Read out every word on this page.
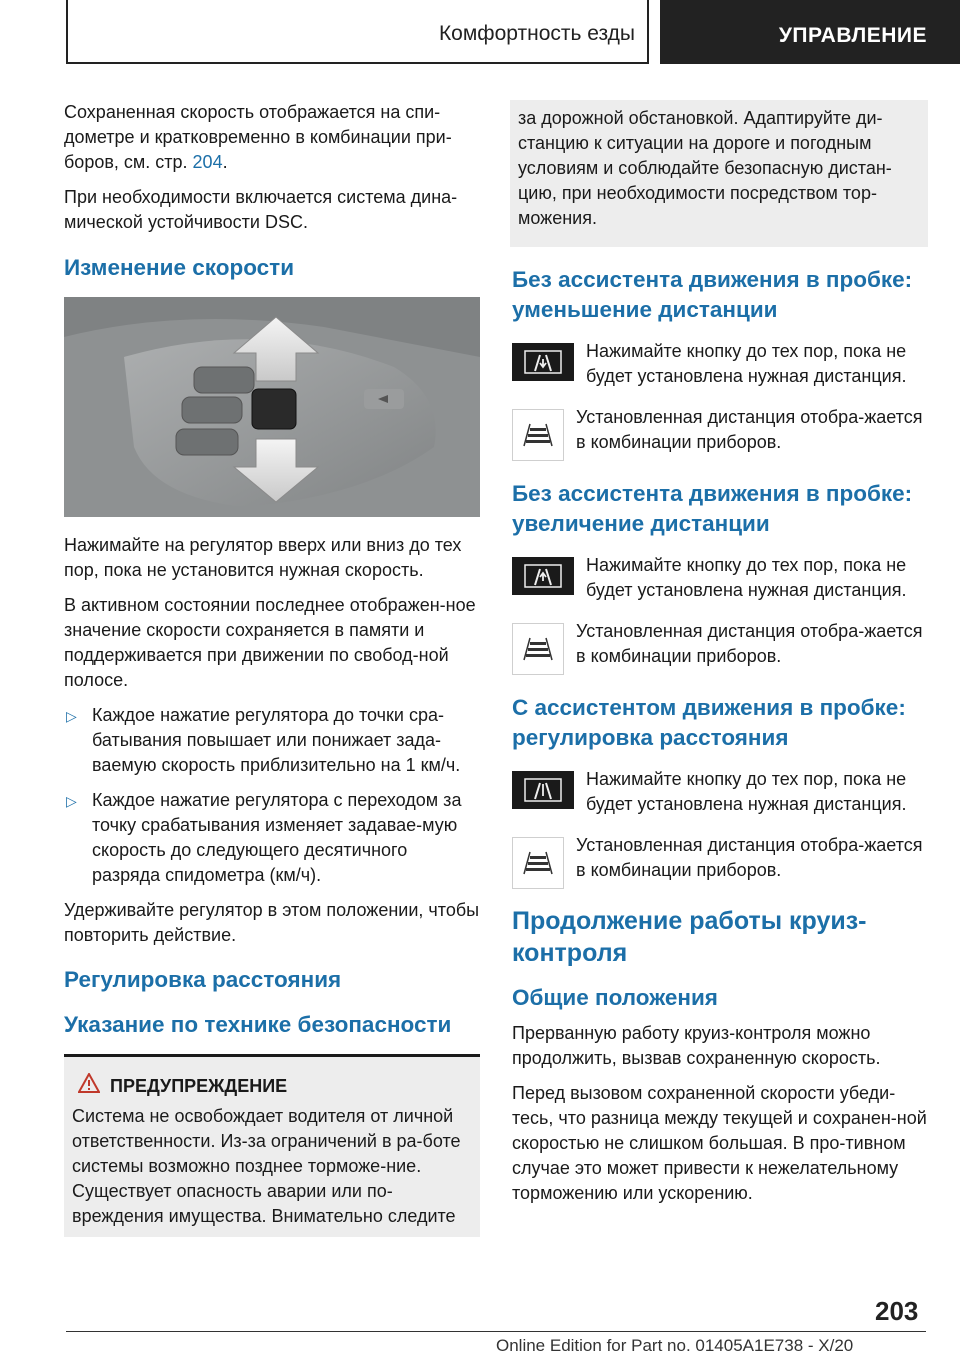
Комфортность езды	УПРАВЛЕНИЕ

Сохраненная скорость отображается на спи-дометре и кратковременно в комбинации при-боров, см. стр. 204.

При необходимости включается система дина-мической устойчивости DSC.

Изменение скорости

Нажимайте на регулятор вверх или вниз до тех пор, пока не установится нужная скорость.

В активном состоянии последнее отображен-ное значение скорости сохраняется в памяти и поддерживается при движении по свобод-ной полосе.

▷ Каждое нажатие регулятора до точки сра-батывания повышает или понижает зада-ваемую скорость приблизительно на 1 км/ч.
▷ Каждое нажатие регулятора с переходом за точку срабатывания изменяет задавае-мую скорость до следующего десятичного разряда спидометра (км/ч).

Удерживайте регулятор в этом положении, чтобы повторить действие.

Регулировка расстояния
Указание по технике безопасности
ПРЕДУПРЕЖДЕНИЕ

Система не освобождает водителя от личной ответственности. Из-за ограничений в ра-боте системы возможно позднее торможе-ние. Существует опасность аварии или по-вреждения имущества. Внимательно следите

за дорожной обстановкой. Адаптируйте ди-станцию к ситуации на дороге и погодным условиям и соблюдайте безопасную дистан-цию, при необходимости посредством тор-можения.

Без ассистента движения в пробке: уменьшение дистанции

Нажимайте кнопку до тех пор, пока не будет установлена нужная дистанция.

Установленная дистанция отобра-жается в комбинации приборов.

Без ассистента движения в пробке: увеличение дистанции

Нажимайте кнопку до тех пор, пока не будет установлена нужная дистанция.

Установленная дистанция отобра-жается в комбинации приборов.

С ассистентом движения в пробке: регулировка расстояния

Нажимайте кнопку до тех пор, пока не будет установлена нужная дистанция.

Установленная дистанция отобра-жается в комбинации приборов.

Продолжение работы круиз-контроля
Общие положения

Прерванную работу круиз-контроля можно продолжить, вызвав сохраненную скорость.

Перед вызовом сохраненной скорости убеди-тесь, что разница между текущей и сохранен-ной скоростью не слишком большая. В про-тивном случае это может привести к нежелательному торможению или ускорению.

203
Online Edition for Part no. 01405A1E738 - X/20
